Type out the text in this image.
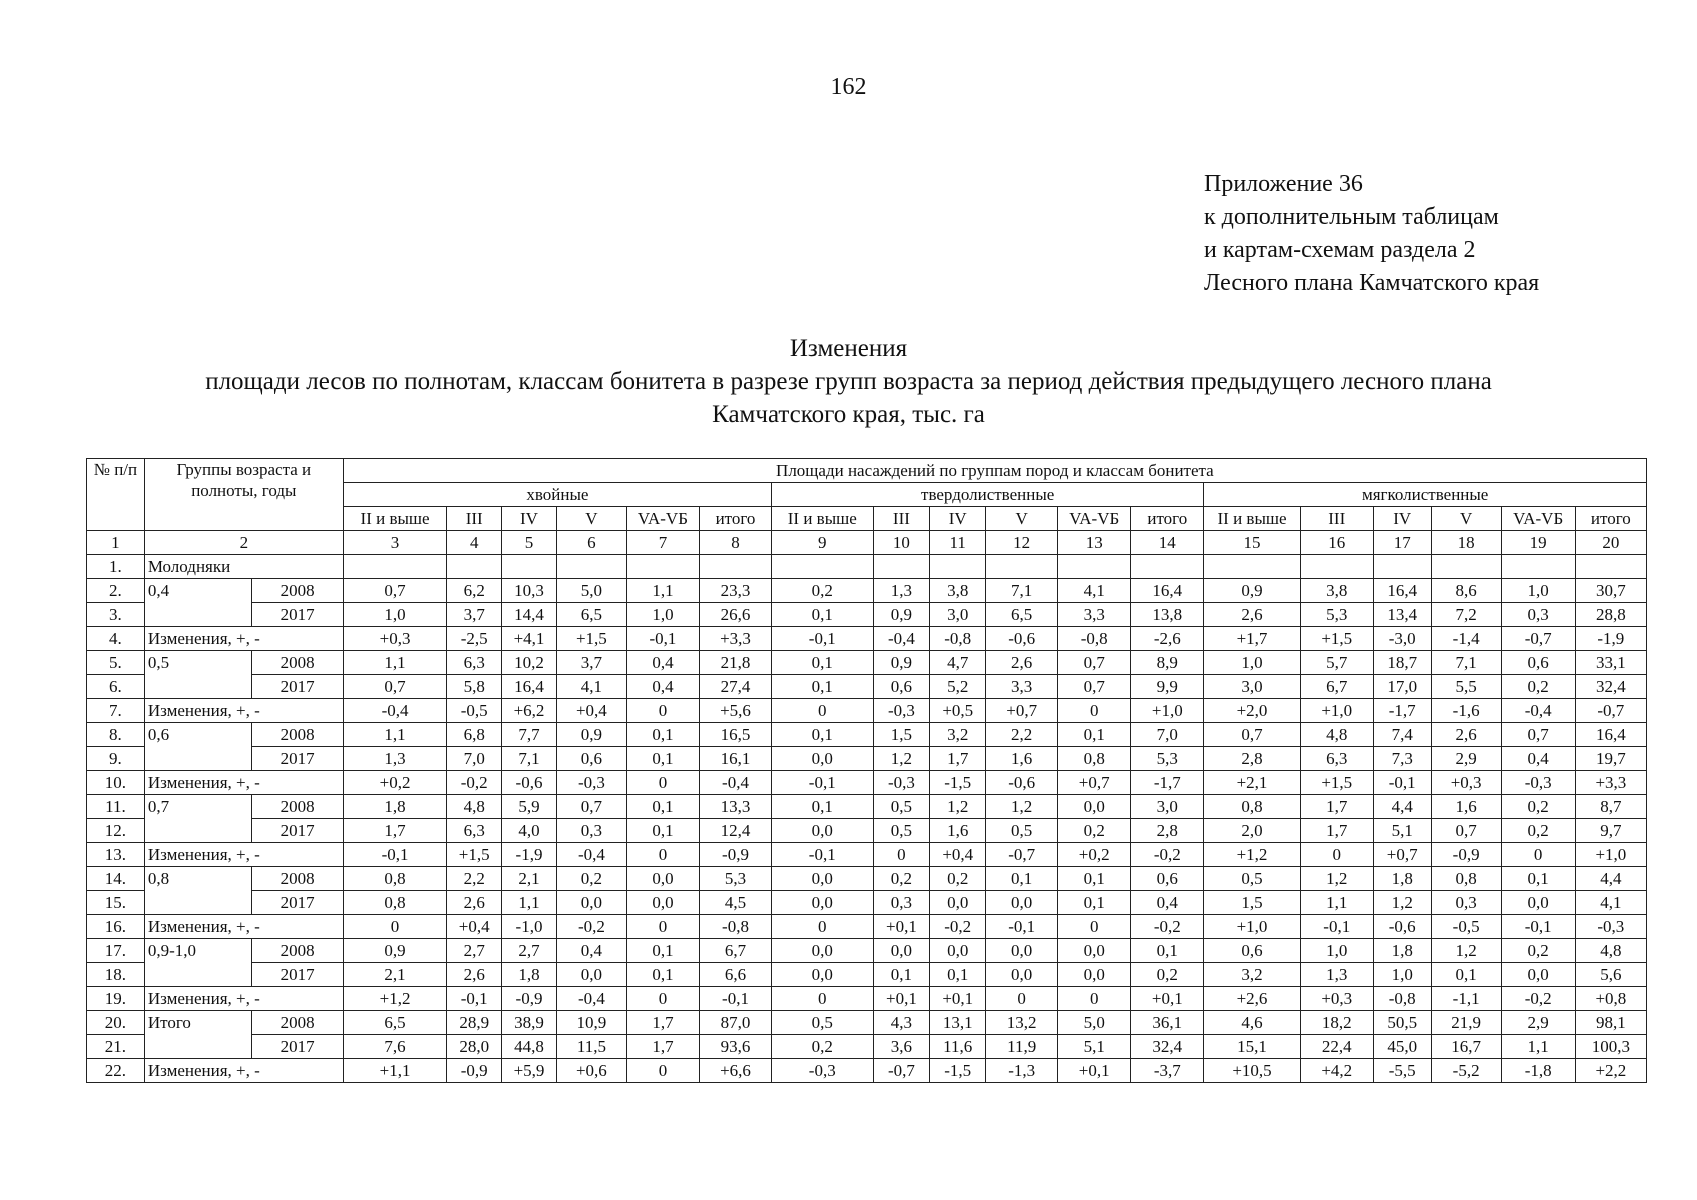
162
Приложение 36
к дополнительным таблицам
и картам-схемам раздела 2
Лесного плана Камчатского края
Изменения
площади лесов по полнотам, классам бонитета в разрезе групп возраста за период действия предыдущего лесного плана
Камчатского края, тыс. га
№ п/п	Группы возраста и полноты, годы		Площади насаждений по группам пород и классам бонитета																	
			хвойные						твердолиственные						мягколиственные					
			II и выше	III	IV	V	VA-VБ	итого	II и выше	III	IV	V	VA-VБ	итого	II и выше	III	IV	V	VA-VБ	итого
1	2		3	4	5	6	7	8	9	10	11	12	13	14	15	16	17	18	19	20
1.	Молодняки																			
2.	0,4	2008	0,7	6,2	10,3	5,0	1,1	23,3	0,2	1,3	3,8	7,1	4,1	16,4	0,9	3,8	16,4	8,6	1,0	30,7
3.		2017	1,0	3,7	14,4	6,5	1,0	26,6	0,1	0,9	3,0	6,5	3,3	13,8	2,6	5,3	13,4	7,2	0,3	28,8
4.	Изменения, +, -		+0,3	-2,5	+4,1	+1,5	-0,1	+3,3	-0,1	-0,4	-0,8	-0,6	-0,8	-2,6	+1,7	+1,5	-3,0	-1,4	-0,7	-1,9
5.	0,5	2008	1,1	6,3	10,2	3,7	0,4	21,8	0,1	0,9	4,7	2,6	0,7	8,9	1,0	5,7	18,7	7,1	0,6	33,1
6.		2017	0,7	5,8	16,4	4,1	0,4	27,4	0,1	0,6	5,2	3,3	0,7	9,9	3,0	6,7	17,0	5,5	0,2	32,4
7.	Изменения, +, -		-0,4	-0,5	+6,2	+0,4	0	+5,6	0	-0,3	+0,5	+0,7	0	+1,0	+2,0	+1,0	-1,7	-1,6	-0,4	-0,7
8.	0,6	2008	1,1	6,8	7,7	0,9	0,1	16,5	0,1	1,5	3,2	2,2	0,1	7,0	0,7	4,8	7,4	2,6	0,7	16,4
9.		2017	1,3	7,0	7,1	0,6	0,1	16,1	0,0	1,2	1,7	1,6	0,8	5,3	2,8	6,3	7,3	2,9	0,4	19,7
10.	Изменения, +, -		+0,2	-0,2	-0,6	-0,3	0	-0,4	-0,1	-0,3	-1,5	-0,6	+0,7	-1,7	+2,1	+1,5	-0,1	+0,3	-0,3	+3,3
11.	0,7	2008	1,8	4,8	5,9	0,7	0,1	13,3	0,1	0,5	1,2	1,2	0,0	3,0	0,8	1,7	4,4	1,6	0,2	8,7
12.		2017	1,7	6,3	4,0	0,3	0,1	12,4	0,0	0,5	1,6	0,5	0,2	2,8	2,0	1,7	5,1	0,7	0,2	9,7
13.	Изменения, +, -		-0,1	+1,5	-1,9	-0,4	0	-0,9	-0,1	0	+0,4	-0,7	+0,2	-0,2	+1,2	0	+0,7	-0,9	0	+1,0
14.	0,8	2008	0,8	2,2	2,1	0,2	0,0	5,3	0,0	0,2	0,2	0,1	0,1	0,6	0,5	1,2	1,8	0,8	0,1	4,4
15.		2017	0,8	2,6	1,1	0,0	0,0	4,5	0,0	0,3	0,0	0,0	0,1	0,4	1,5	1,1	1,2	0,3	0,0	4,1
16.	Изменения, +, -		0	+0,4	-1,0	-0,2	0	-0,8	0	+0,1	-0,2	-0,1	0	-0,2	+1,0	-0,1	-0,6	-0,5	-0,1	-0,3
17.	0,9-1,0	2008	0,9	2,7	2,7	0,4	0,1	6,7	0,0	0,0	0,0	0,0	0,0	0,1	0,6	1,0	1,8	1,2	0,2	4,8
18.		2017	2,1	2,6	1,8	0,0	0,1	6,6	0,0	0,1	0,1	0,0	0,0	0,2	3,2	1,3	1,0	0,1	0,0	5,6
19.	Изменения, +, -		+1,2	-0,1	-0,9	-0,4	0	-0,1	0	+0,1	+0,1	0	0	+0,1	+2,6	+0,3	-0,8	-1,1	-0,2	+0,8
20.	Итого	2008	6,5	28,9	38,9	10,9	1,7	87,0	0,5	4,3	13,1	13,2	5,0	36,1	4,6	18,2	50,5	21,9	2,9	98,1
21.		2017	7,6	28,0	44,8	11,5	1,7	93,6	0,2	3,6	11,6	11,9	5,1	32,4	15,1	22,4	45,0	16,7	1,1	100,3
22.	Изменения, +, -		+1,1	-0,9	+5,9	+0,6	0	+6,6	-0,3	-0,7	-1,5	-1,3	+0,1	-3,7	+10,5	+4,2	-5,5	-5,2	-1,8	+2,2
